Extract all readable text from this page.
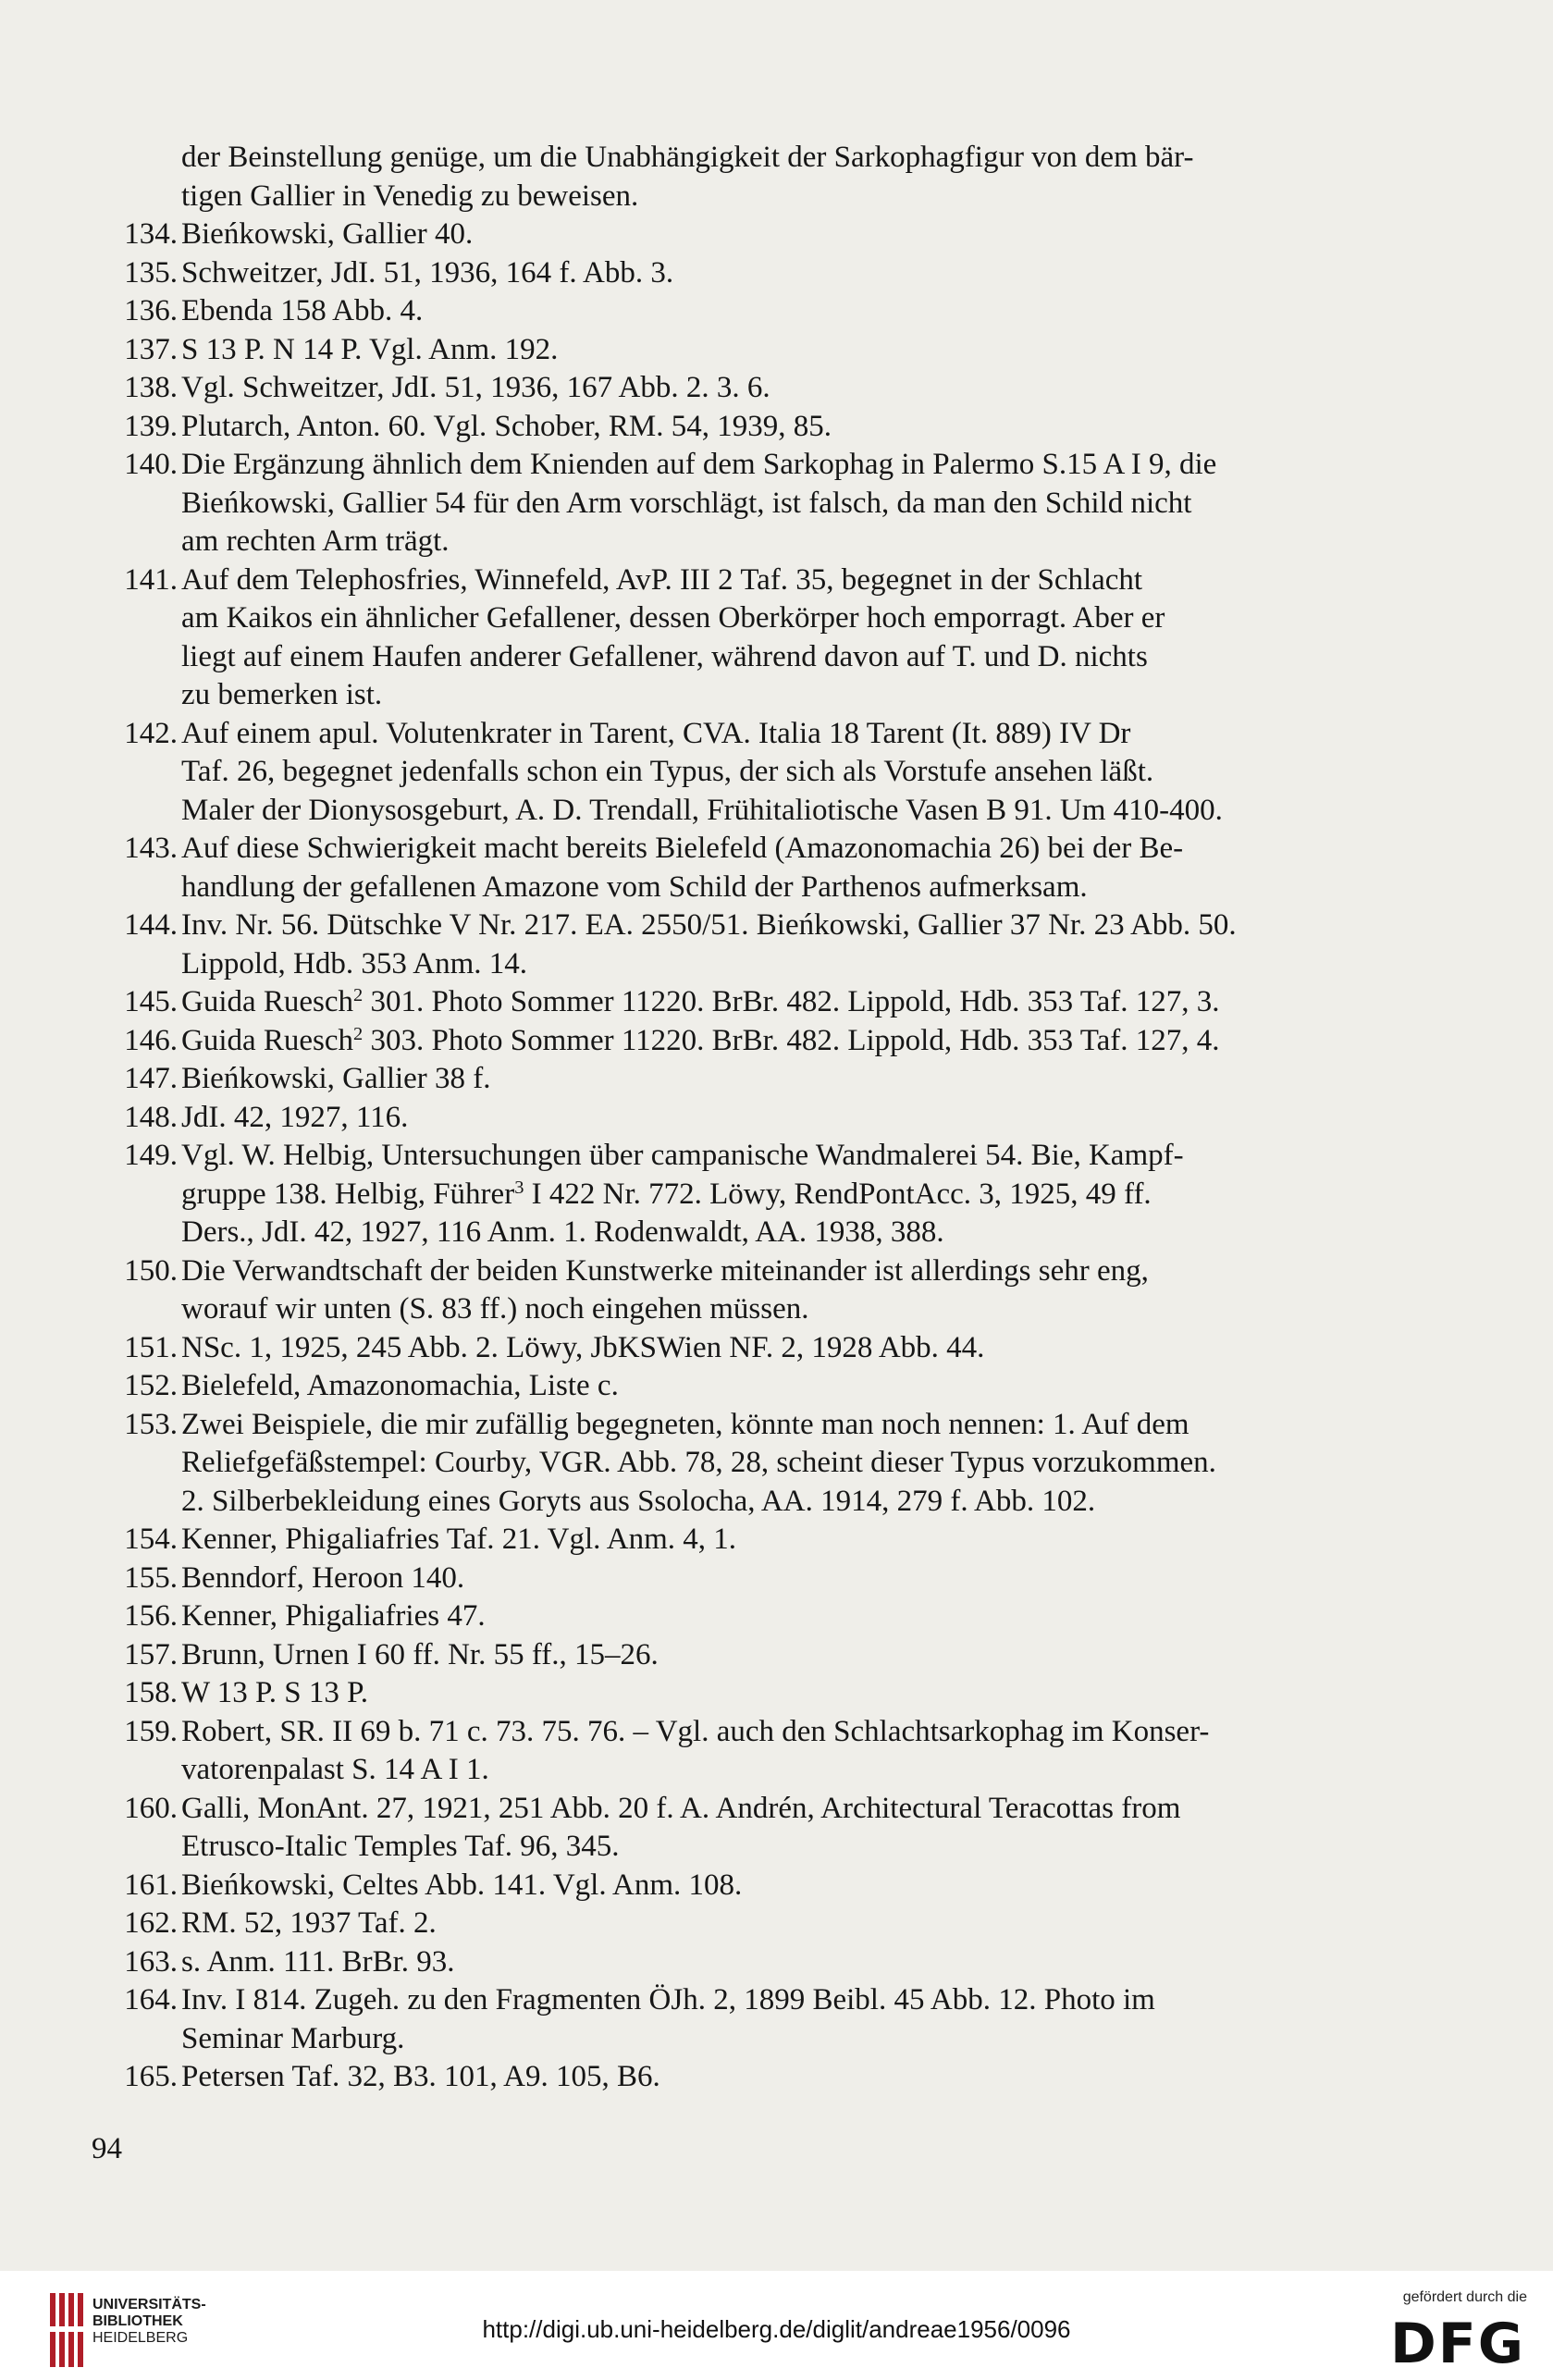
der Beinstellung genüge, um die Unabhängigkeit der Sarkophagfigur von dem bär-
tigen Gallier in Venedig zu beweisen.
134. Bieńkowski, Gallier 40.
135. Schweitzer, JdI. 51, 1936, 164 f. Abb. 3.
136. Ebenda 158 Abb. 4.
137. S 13 P. N 14 P. Vgl. Anm. 192.
138. Vgl. Schweitzer, JdI. 51, 1936, 167 Abb. 2. 3. 6.
139. Plutarch, Anton. 60. Vgl. Schober, RM. 54, 1939, 85.
140. Die Ergänzung ähnlich dem Knienden auf dem Sarkophag in Palermo S.15 A I 9, die
Bieńkowski, Gallier 54 für den Arm vorschlägt, ist falsch, da man den Schild nicht
am rechten Arm trägt.
141. Auf dem Telephosfries, Winnefeld, AvP. III 2 Taf. 35, begegnet in der Schlacht
am Kaikos ein ähnlicher Gefallener, dessen Oberkörper hoch emporragt. Aber er
liegt auf einem Haufen anderer Gefallener, während davon auf T. und D. nichts
zu bemerken ist.
142. Auf einem apul. Volutenkrater in Tarent, CVA. Italia 18 Tarent (It. 889) IV Dr
Taf. 26, begegnet jedenfalls schon ein Typus, der sich als Vorstufe ansehen läßt.
Maler der Dionysosgeburt, A. D. Trendall, Frühitaliotische Vasen B 91. Um 410-400.
143. Auf diese Schwierigkeit macht bereits Bielefeld (Amazonomachia 26) bei der Be-
handlung der gefallenen Amazone vom Schild der Parthenos aufmerksam.
144. Inv. Nr. 56. Dütschke V Nr. 217. EA. 2550/51. Bieńkowski, Gallier 37 Nr. 23 Abb. 50.
Lippold, Hdb. 353 Anm. 14.
145. Guida Ruesch$^2$ 301. Photo Sommer 11220. BrBr. 482. Lippold, Hdb. 353 Taf. 127, 3.
146. Guida Ruesch$^2$ 303. Photo Sommer 11220. BrBr. 482. Lippold, Hdb. 353 Taf. 127, 4.
147. Bieńkowski, Gallier 38 f.
148. JdI. 42, 1927, 116.
149. Vgl. W. Helbig, Untersuchungen über campanische Wandmalerei 54. Bie, Kampf-
gruppe 138. Helbig, Führer$^3$ I 422 Nr. 772. Löwy, RendPontAcc. 3, 1925, 49 ff.
Ders., JdI. 42, 1927, 116 Anm. 1. Rodenwaldt, AA. 1938, 388.
150. Die Verwandtschaft der beiden Kunstwerke miteinander ist allerdings sehr eng,
worauf wir unten (S. 83 ff.) noch eingehen müssen.
151. NSc. 1, 1925, 245 Abb. 2. Löwy, JbKSWien NF. 2, 1928 Abb. 44.
152. Bielefeld, Amazonomachia, Liste c.
153. Zwei Beispiele, die mir zufällig begegneten, könnte man noch nennen: 1. Auf dem
Reliefgefäßstempel: Courby, VGR. Abb. 78, 28, scheint dieser Typus vorzukommen.
2. Silberbekleidung eines Goryts aus Ssolocha, AA. 1914, 279 f. Abb. 102.
154. Kenner, Phigaliafries Taf. 21. Vgl. Anm. 4, 1.
155. Benndorf, Heroon 140.
156. Kenner, Phigaliafries 47.
157. Brunn, Urnen I 60 ff. Nr. 55 ff., 15–26.
158. W 13 P. S 13 P.
159. Robert, SR. II 69 b. 71 c. 73. 75. 76. – Vgl. auch den Schlachtsarkophag im Konser-
vatorenpalast S. 14 A I 1.
160. Galli, MonAnt. 27, 1921, 251 Abb. 20 f. A. Andrén, Architectural Teracottas from
Etrusco-Italic Temples Taf. 96, 345.
161. Bieńkowski, Celtes Abb. 141. Vgl. Anm. 108.
162. RM. 52, 1937 Taf. 2.
163. s. Anm. 111. BrBr. 93.
164. Inv. I 814. Zugeh. zu den Fragmenten ÖJh. 2, 1899 Beibl. 45 Abb. 12. Photo im
Seminar Marburg.
165. Petersen Taf. 32, B3. 101, A9. 105, B6.
94
UNIVERSITÄTS-
BIBLIOTHEK
HEIDELBERG	http://digi.ub.uni-heidelberg.de/diglit/andreae1956/0096
gefördert durch die
DFG
